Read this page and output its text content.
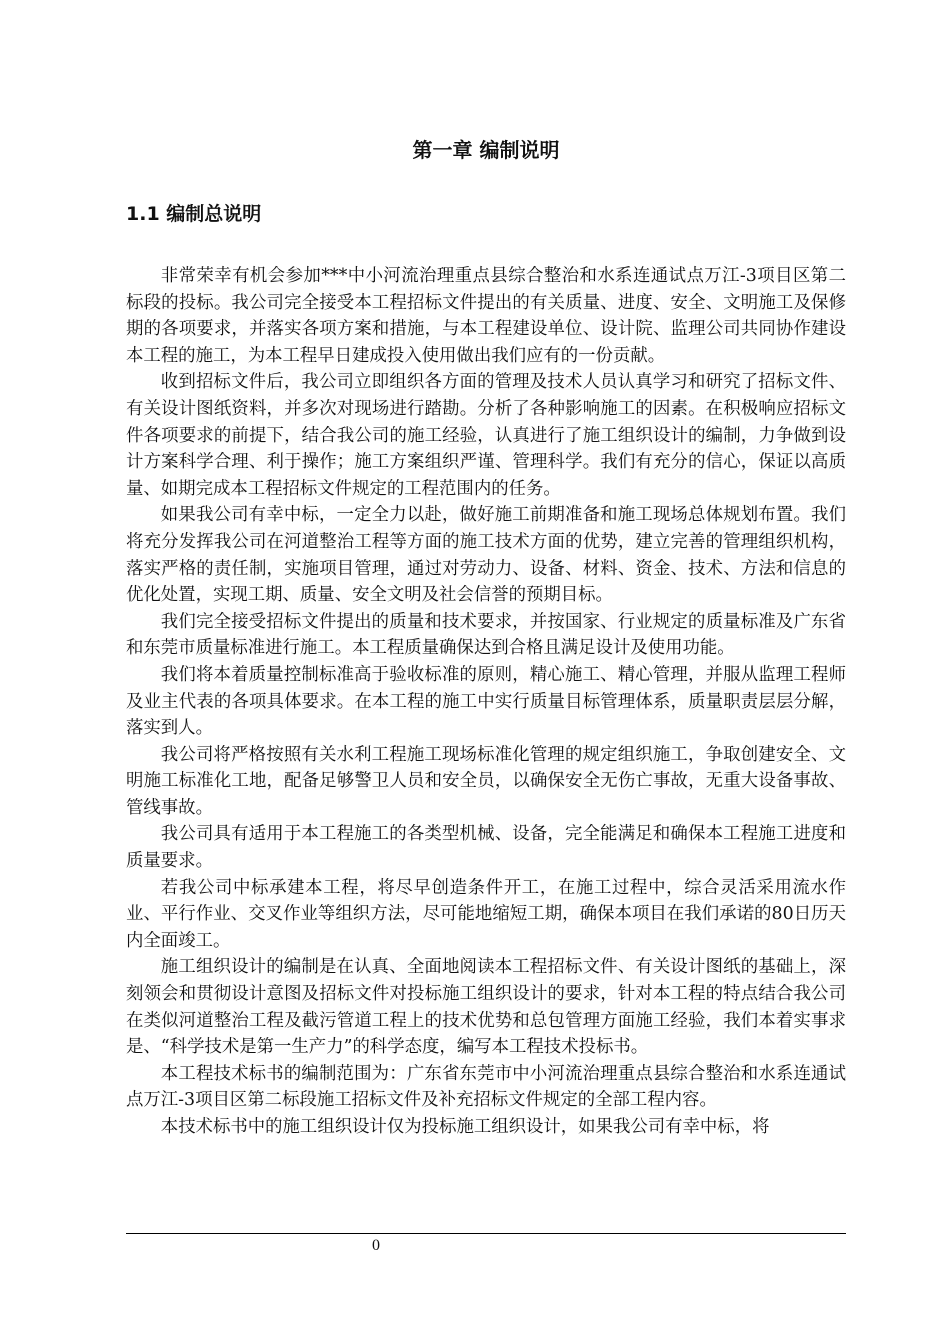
第一章 编制说明
1.1 编制总说明

非常荣幸有机会参加***中小河流治理重点县综合整治和水系连通试点万江-3项目区第二标段的投标。我公司完全接受本工程招标文件提出的有关质量、进度、安全、文明施工及保修期的各项要求，并落实各项方案和措施，与本工程建设单位、设计院、监理公司共同协作建设本工程的施工，为本工程早日建成投入使用做出我们应有的一份贡献。

收到招标文件后，我公司立即组织各方面的管理及技术人员认真学习和研究了招标文件、有关设计图纸资料，并多次对现场进行踏勘。分析了各种影响施工的因素。在积极响应招标文件各项要求的前提下，结合我公司的施工经验，认真进行了施工组织设计的编制，力争做到设计方案科学合理、利于操作；施工方案组织严谨、管理科学。我们有充分的信心，保证以高质量、如期完成本工程招标文件规定的工程范围内的任务。

如果我公司有幸中标，一定全力以赴，做好施工前期准备和施工现场总体规划布置。我们将充分发挥我公司在河道整治工程等方面的施工技术方面的优势，建立完善的管理组织机构，落实严格的责任制，实施项目管理，通过对劳动力、设备、材料、资金、技术、方法和信息的优化处置，实现工期、质量、安全文明及社会信誉的预期目标。

我们完全接受招标文件提出的质量和技术要求，并按国家、行业规定的质量标准及广东省和东莞市质量标准进行施工。本工程质量确保达到合格且满足设计及使用功能。

我们将本着质量控制标准高于验收标准的原则，精心施工、精心管理，并服从监理工程师及业主代表的各项具体要求。在本工程的施工中实行质量目标管理体系，质量职责层层分解，落实到人。

我公司将严格按照有关水利工程施工现场标准化管理的规定组织施工，争取创建安全、文明施工标准化工地，配备足够警卫人员和安全员，以确保安全无伤亡事故，无重大设备事故、管线事故。

我公司具有适用于本工程施工的各类型机械、设备，完全能满足和确保本工程施工进度和质量要求。

若我公司中标承建本工程，将尽早创造条件开工，在施工过程中，综合灵活采用流水作业、平行作业、交叉作业等组织方法，尽可能地缩短工期，确保本项目在我们承诺的80日历天内全面竣工。

施工组织设计的编制是在认真、全面地阅读本工程招标文件、有关设计图纸的基础上，深刻领会和贯彻设计意图及招标文件对投标施工组织设计的要求，针对本工程的特点结合我公司在类似河道整治工程及截污管道工程上的技术优势和总包管理方面施工经验，我们本着实事求是、“科学技术是第一生产力”的科学态度，编写本工程技术投标书。

本工程技术标书的编制范围为：广东省东莞市中小河流治理重点县综合整治和水系连通试点万江-3项目区第二标段施工招标文件及补充招标文件规定的全部工程内容。

本技术标书中的施工组织设计仅为投标施工组织设计，如果我公司有幸中标，将

0
